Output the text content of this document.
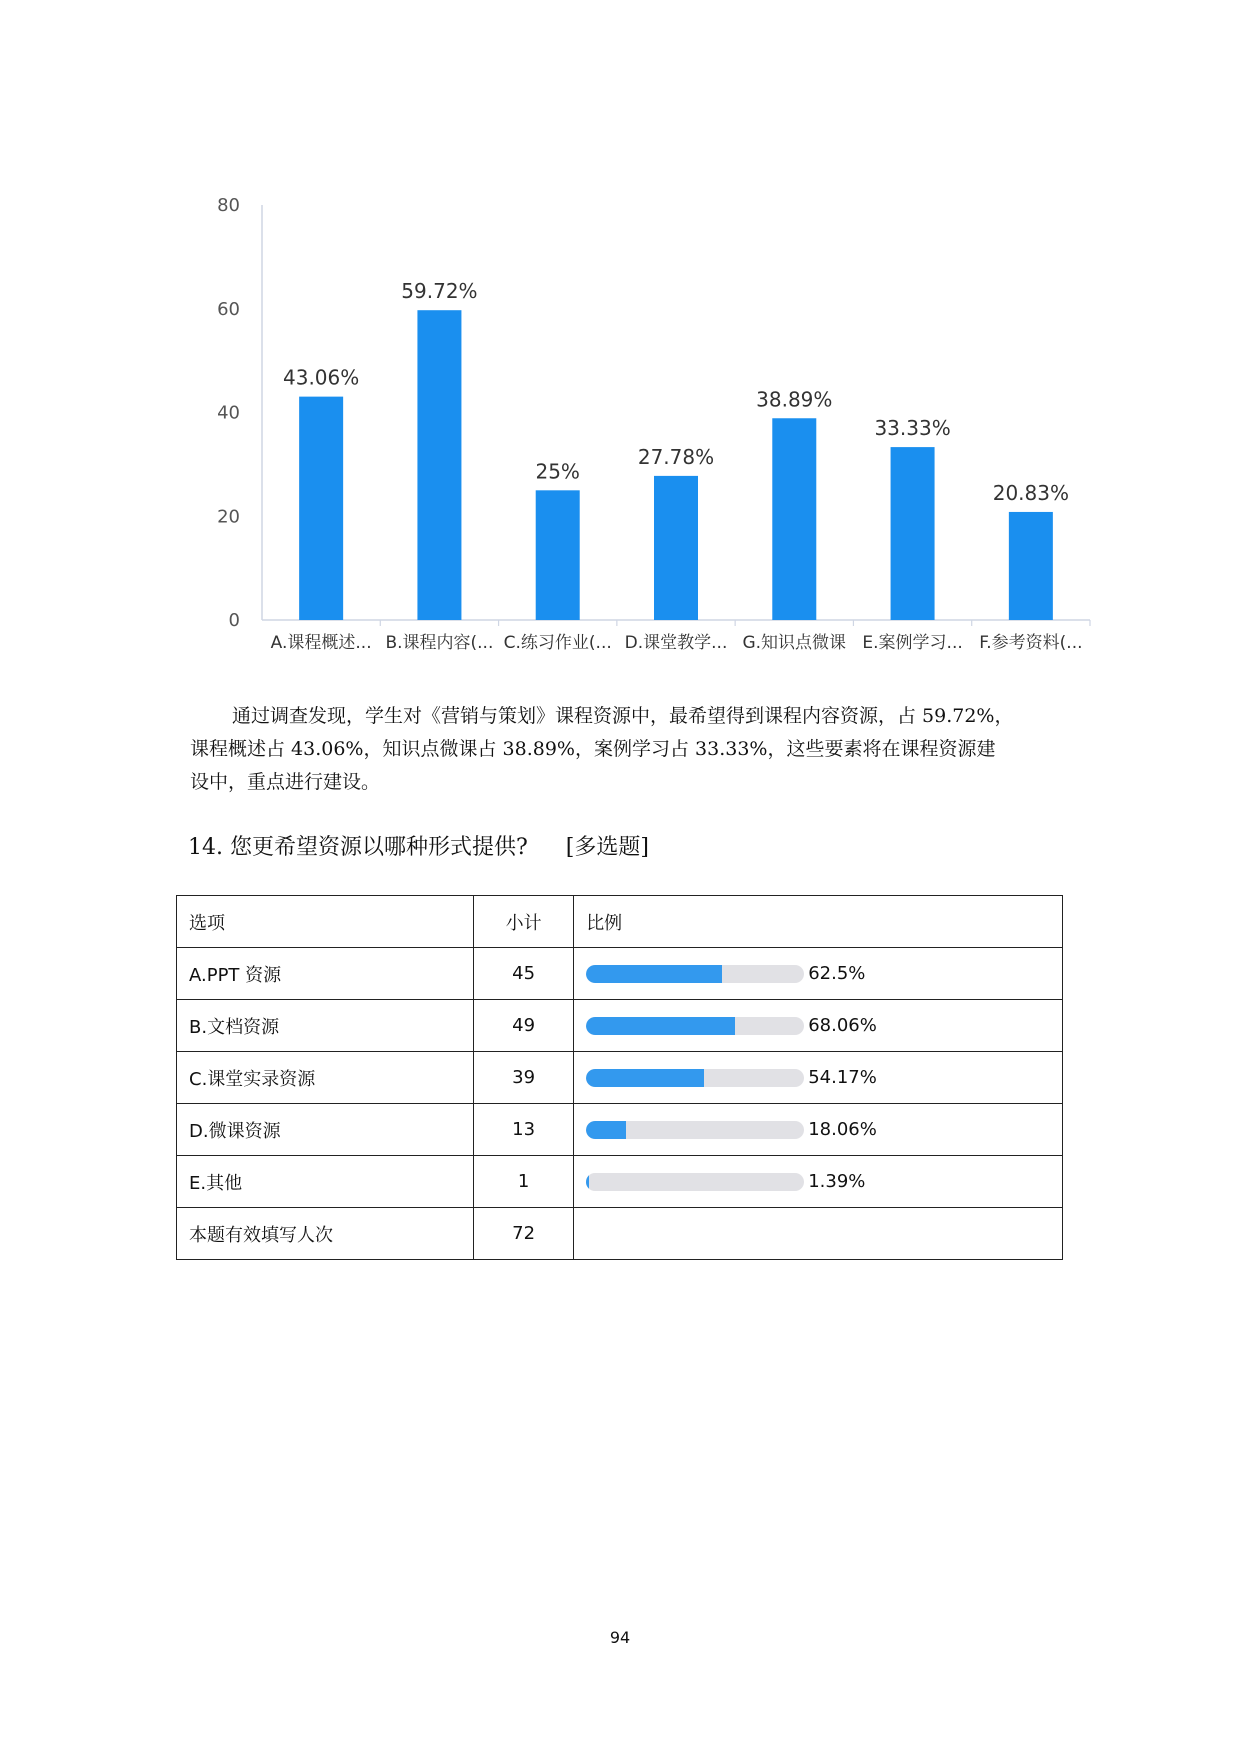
0
20
40
60
80
43.06%
A.课程概述...
59.72%
B.课程内容(...
25%
C.练习作业(...
27.78%
D.课堂教学...
38.89%
G.知识点微课
33.33%
E.案例学习...
20.83%
F.参考资料(...
通过调查发现，学生对《营销与策划》课程资源中，最希望得到课程内容资源，占 59.72%，
课程概述占 43.06%，知识点微课占 38.89%，案例学习占 33.33%，这些要素将在课程资源建
设中，重点进行建设。
14. 您更希望资源以哪种形式提供? [多选题]
选项	小计	比例
A.PPT 资源	45	62.5%

B.文档资源	49	68.06%

C.课堂实录资源	39	54.17%

D.微课资源	13	18.06%

E.其他	1	1.39%

本题有效填写人次	72	
94
